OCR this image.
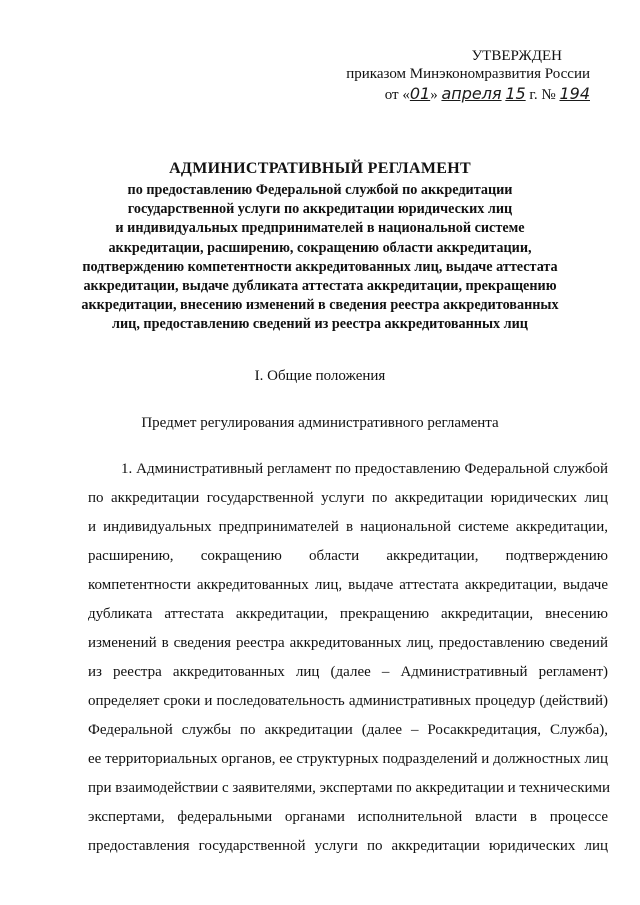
УТВЕРЖДЕН
приказом Минэкономразвития России
от «01» апреля 15 г. № 194
АДМИНИСТРАТИВНЫЙ РЕГЛАМЕНТ
по предоставлению Федеральной службой по аккредитации
государственной услуги по аккредитации юридических лиц
и индивидуальных предпринимателей в национальной системе
аккредитации, расширению, сокращению области аккредитации,
подтверждению компетентности аккредитованных лиц, выдаче аттестата
аккредитации, выдаче дубликата аттестата аккредитации, прекращению
аккредитации, внесению изменений в сведения реестра аккредитованных
лиц, предоставлению сведений из реестра аккредитованных лиц
I. Общие положения
Предмет регулирования административного регламента
1. Административный регламент по предоставлению Федеральной службой
по аккредитации государственной услуги по аккредитации юридических лиц
и индивидуальных предпринимателей в национальной системе аккредитации,
расширению, сокращению области аккредитации, подтверждению
компетентности аккредитованных лиц, выдаче аттестата аккредитации, выдаче
дубликата аттестата аккредитации, прекращению аккредитации, внесению
изменений в сведения реестра аккредитованных лиц, предоставлению сведений
из реестра аккредитованных лиц (далее – Административный регламент)
определяет сроки и последовательность административных процедур (действий)
Федеральной службы по аккредитации (далее – Росаккредитация, Служба),
ее территориальных органов, ее структурных подразделений и должностных лиц
при взаимодействии с заявителями, экспертами по аккредитации и техническими
экспертами, федеральными органами исполнительной власти в процессе
предоставления государственной услуги по аккредитации юридических лиц
